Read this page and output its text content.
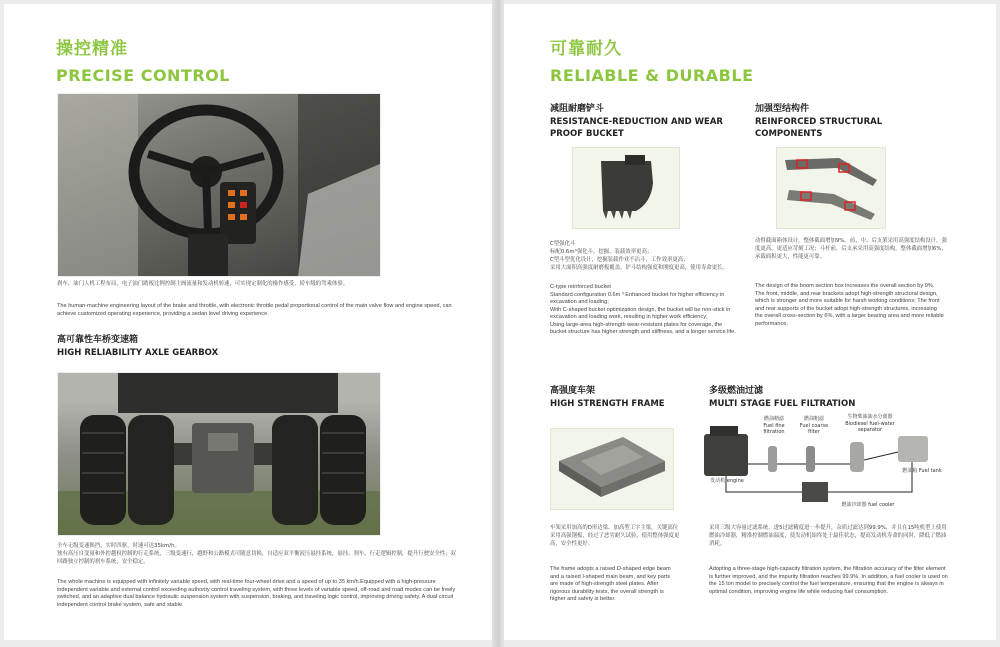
操控精准
PRECISE CONTROL
刹车、油门人机工程布局，电子油门踏板比例控制主阀流量和发动机转速，可实现定制化的操作感受，轿车级的驾乘体验。
The human-machine engineering layout of the brake and throttle, with electronic throttle pedal proportional control of the main valve flow and engine speed, can achieve customized operating experience, providing a sedan level driving experience.
高可靠性车桥变速箱
HIGH RELIABILITY AXLE GEARBOX
全车无级变速换挡，实时四驱，时速可达35km/h。
独有高压自变量和外控越权控制的行走系统，三级变速行，越野和公路模式可随意切换，自适应双平衡液压悬挂系统，悬挂、刹车、行走逻辑控制，提升行驶安全性；双回路独立控制的刹车系统，安全稳定。
The whole machine is equipped with infinitely variable speed, with real-time four-wheel drive and a speed of up to 35 km/h.Equipped with a high-pressure independent variable and external control exceeding authority control traveling system, with three levels of variable speed, off-road and road modes can be freely switched, and an adaptive dual balance hydraulic suspension system with suspension, braking, and traveling logic control, improving driving safety. A dual circuit independent control brake system, safe and stable.
可靠耐久
RELIABLE & DURABLE
减阻耐磨铲斗
RESISTANCE-REDUCTION AND WEAR PROOF BUCKET
C型强化斗
标配0.6m³强化斗，挖掘、装载效率更高；
C型斗型优化设计，挖掘装载作业不沾斗，工作效率更高；
采用大面积高强度耐磨板覆盖，铲斗结构强度和刚度更高，使用寿命更长。
C-type reinforced bucket
Standard configuration 0.6m ³ Enhanced bucket for higher efficiency in excavation and loading;
With C-shaped bucket optimization design, the bucket will be non-stick in excavation and loading work, resulting in higher work efficiency;
Using large-area high-strength wear-resistant plates for coverage, the bucket structure has higher strength and stiffness, and a longer service life.
加强型结构件
REINFORCED STRUCTURAL COMPONENTS
动臂截面箱体设计，整体截面增加9%。前、中、后支架采用高强度结构设计，强度更高，更适应苛刻工况；斗杆前、后支承采用高强度结构，整体截面增加6%，承载面积更大，性能更可靠。
The design of the boom section box increases the overall section by 9%. The front, middle, and rear brackets adopt high-strength structural design, which is stronger and more suitable for harsh working conditions; The front and rear supports of the bucket adopt high-strength structures, increasing the overall cross-section by 6%, with a larger bearing area and more reliable performance.
高强度车架
HIGH STRENGTH FRAME
车架采用加高的D形边梁、加高型工字主梁，关键部位采用高强钢板，经过了恶劣耐久试验，使用整体强度更高，安全性更好。
The frame adopts a raised D-shaped edge beam and a raised I-shaped main beam, and key parts are made of high-strength steel plates. After rigorous durability tests, the overall strength is higher and safety is better.
多级燃油过滤
MULTI STAGE FUEL FILTRATION
燃油精滤
Fuel fine
filtration
燃油粗滤
Fuel coarse
filter
生物柴油油水分离器
Biodiesel fuel-water
separator
燃油箱 Fuel tank
发动机 engine
燃油冷却器 fuel cooler
采用三级大容量过滤系统，进5过滤精度进一步提升，杂质过滤达到99.9%，并且在15吨机型上使用燃油冷却器，精准控制燃油温度，使发动机始终处于最佳状态，提高发动机寿命的同时，降低了燃油消耗。
Adopting a three-stage high-capacity filtration system, the filtration accuracy of the filter element is further improved, and the impurity filtration reaches 99.9%. In addition, a fuel cooler is used on the 15 ton model to precisely control the fuel temperature, ensuring that the engine is always in optimal condition, improving engine life while reducing fuel consumption.
